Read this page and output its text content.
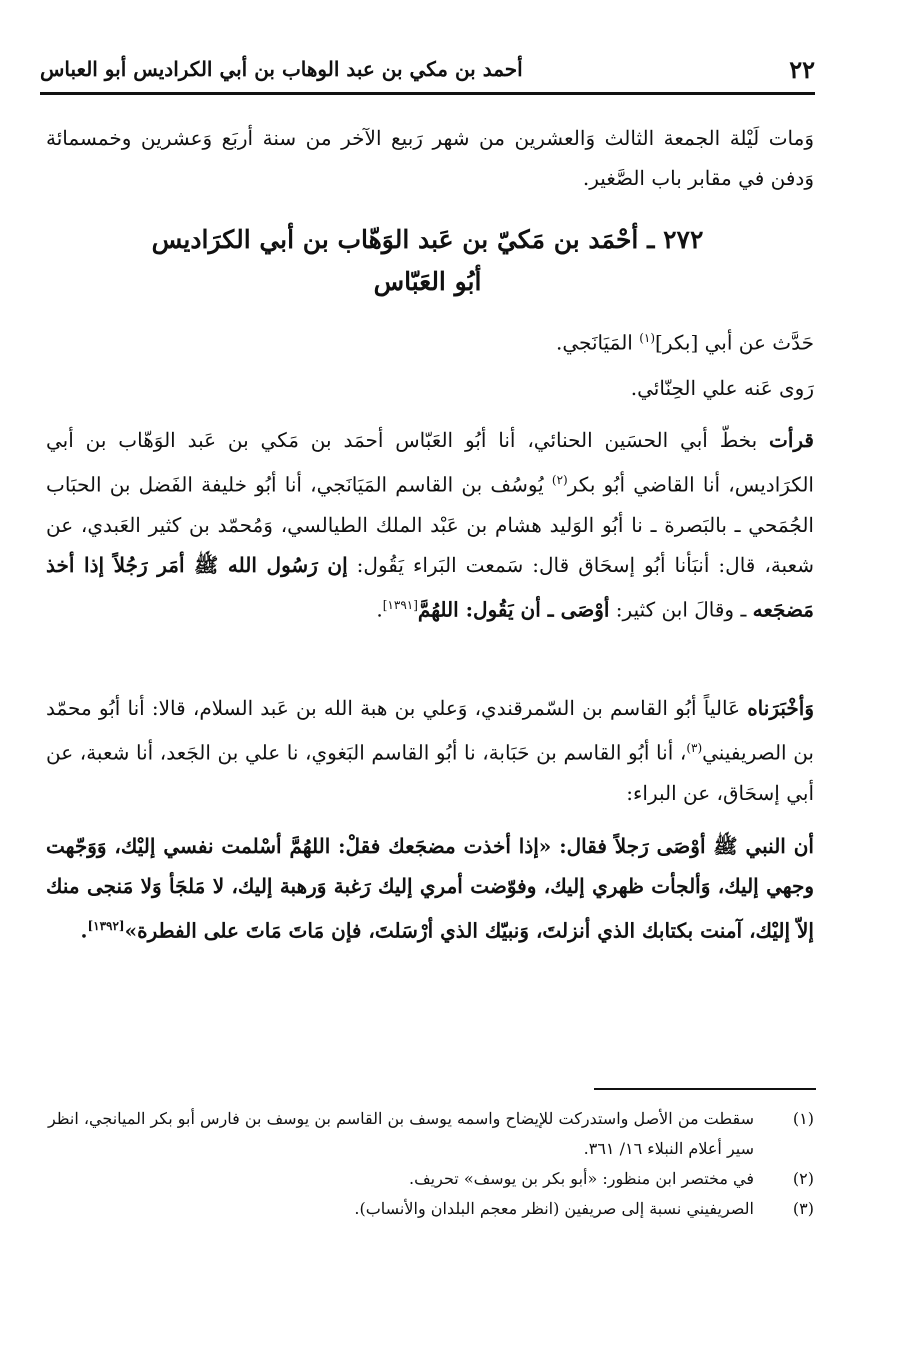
٢٢
أحمد بن مكي بن عبد الوهاب بن أبي الكراديس أبو العباس

وَمات لَيْلة الجمعة الثالث وَالعشرين من شهر رَبيع الآخر من سنة أربَع وَعشرين وخمسمائة وَدفن في مقابر باب الصَّغير.

٢٧٢ ـ أحْمَد بن مَكيّ بن عَبد الوَهّاب بن أبي الكرَاديس
أبُو العَبّاس

حَدَّث عن أبي [بكر]$^{(١)}$ المَيَانَجي.

رَوى عَنه علي الحِنّائي.

قرأت بخطّ أبي الحسَين الحنائي، أنا أبُو العَبّاس أحمَد بن مَكي بن عَبد الوَهّاب بن أبي الكرَاديس، أنا القاضي أبُو بكر$^{(٢)}$ يُوسُف بن القاسم المَيَانَجي، أنا أبُو خليفة الفَضل بن الحبَاب الجُمَحي ـ بالبَصرة ـ نا أبُو الوَليد هشام بن عَبْد الملك الطيالسي، وَمُحمّد بن كثير العَبدي، عن شعبة، قال: أنبَأنا أبُو إسحَاق قال: سَمعت البَراء يَقُول: إن رَسُول الله ﷺ أمَر رَجُلاً إذا أخذ مَضجَعه ـ وقالَ ابن كثير: أوْصَى ـ أن يَقُول: اللهُمَّ[١٣٩١].

وَأخْبَرَناه عَالياً أبُو القاسم بن السّمرقندي، وَعلي بن هبة الله بن عَبد السلام، قالا: أنا أبُو محمّد بن الصريفيني$^{(٣)}$، أنا أبُو القاسم بن حَبَابة، نا أبُو القاسم البَغوي، نا علي بن الجَعد، أنا شعبة، عن أبي إسحَاق، عن البراء:

أن النبي ﷺ أوْصَى رَجلاً فقال: «إذا أخذت مضجَعك فقلْ: اللهُمَّ أسْلمت نفسي إليْك، وَوَجّهت وجهي إليك، وَألجأت ظهري إليك، وفوّضت أمري إليك رَغبة وَرهبة إليك، لا مَلجَأ وَلا مَنجى منك إلاّ إليْك، آمنت بكتابك الذي أنزلتَ، وَنبيّك الذي أرْسَلتَ، فإن مَاتَ مَاتَ على الفطرة»[١٣٩٢].

(١)
سقطت من الأصل واستدركت للإيضاح واسمه يوسف بن القاسم بن يوسف بن فارس أبو بكر الميانجي، انظر سير أعلام النبلاء ١٦/ ٣٦١.
(٢)
في مختصر ابن منظور: «أبو بكر بن يوسف» تحريف.
(٣)
الصريفيني نسبة إلى صريفين (انظر معجم البلدان والأنساب).
